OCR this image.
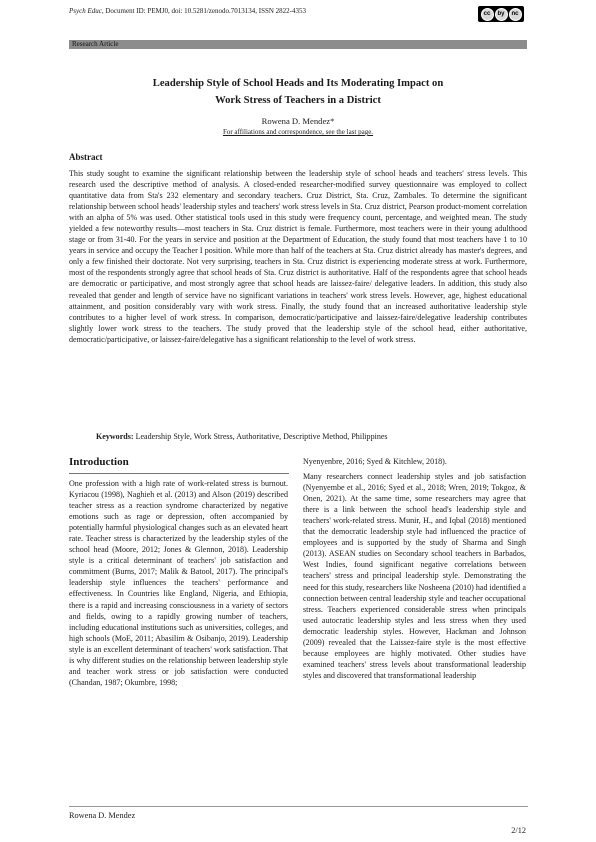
Psych Educ, Document ID: PEMJ0, doi: 10.5281/zenodo.7013134, ISSN 2822-4353	cc	by	nc
Research Article
Leadership Style of School Heads and Its Moderating Impact on
Work Stress of Teachers in a District
Rowena D. Mendez*
For affiliations and correspondence, see the last page.
Abstract
This study sought to examine the significant relationship between the leadership style of school heads and teachers' stress levels. This research used the descriptive method of analysis. A closed-ended researcher-modified survey questionnaire was employed to collect quantitative data from Sta's 232 elementary and secondary teachers. Cruz District, Sta. Cruz, Zambales. To determine the significant relationship between school heads' leadership styles and teachers' work stress levels in Sta. Cruz district, Pearson product-moment correlation with an alpha of 5% was used. Other statistical tools used in this study were frequency count, percentage, and weighted mean. The study yielded a few noteworthy results—most teachers in Sta. Cruz district is female. Furthermore, most teachers were in their young adulthood stage or from 31-40. For the years in service and position at the Department of Education, the study found that most teachers have 1 to 10 years in service and occupy the Teacher I position. While more than half of the teachers at Sta. Cruz district already has master's degrees, and only a few finished their doctorate. Not very surprising, teachers in Sta. Cruz district is experiencing moderate stress at work. Furthermore, most of the respondents strongly agree that school heads of Sta. Cruz district is authoritative. Half of the respondents agree that school heads are democratic or participative, and most strongly agree that school heads are laissez-faire/ delegative leaders. In addition, this study also revealed that gender and length of service have no significant variations in teachers' work stress levels. However, age, highest educational attainment, and position considerably vary with work stress. Finally, the study found that an increased authoritative leadership style contributes to a higher level of work stress. In comparison, democratic/participative and laissez-faire/delegative leadership contributes slightly lower work stress to the teachers. The study proved that the leadership style of the school head, either authoritative, democratic/participative, or laissez-faire/delegative has a significant relationship to the level of work stress.
Keywords: Leadership Style, Work Stress, Authoritative, Descriptive Method, Philippines
Introduction
One profession with a high rate of work-related stress is burnout. Kyriacou (1998), Naghieh et al. (2013) and Alson (2019) described teacher stress as a reaction syndrome characterized by negative emotions such as rage or depression, often accompanied by potentially harmful physiological changes such as an elevated heart rate. Teacher stress is characterized by the leadership styles of the school head (Moore, 2012; Jones & Glennon, 2018). Leadership style is a critical determinant of teachers' job satisfaction and commitment (Burns, 2017; Malik & Batool, 2017). The principal's leadership style influences the teachers' performance and effectiveness. In Countries like England, Nigeria, and Ethiopia, there is a rapid and increasing consciousness in a variety of sectors and fields, owing to a rapidly growing number of teachers, including educational institutions such as universities, colleges, and high schools (MoE, 2011; Abasilim & Osibanjo, 2019). Leadership style is an excellent determinant of teachers' work satisfaction. That is why different studies on the relationship between leadership style and teacher work stress or job satisfaction were conducted (Chandan, 1987; Okumbre, 1998;

Nyenyenbre, 2016; Syed & Kitchlew, 2018).

Many researchers connect leadership styles and job satisfaction (Nyenyembe et al., 2016; Syed et al., 2018; Wren, 2019; Tokgoz, & Onen, 2021). At the same time, some researchers may agree that there is a link between the school head's leadership style and teachers' work-related stress. Munir, H., and Iqbal (2018) mentioned that the democratic leadership style had influenced the practice of employees and is supported by the study of Sharma and Singh (2013). ASEAN studies on Secondary school teachers in Barbados, West Indies, found significant negative correlations between teachers' stress and principal leadership style. Demonstrating the need for this study, researchers like Nosheena (2010) had identified a connection between central leadership style and teacher occupational stress. Teachers experienced considerable stress when principals used autocratic leadership styles and less stress when they used democratic leadership styles. However, Hackman and Johnson (2009) revealed that the Laissez-faire style is the most effective because employees are highly motivated. Other studies have examined teachers' stress levels about transformational leadership styles and discovered that transformational leadership

Rowena D. Mendez
2/12
